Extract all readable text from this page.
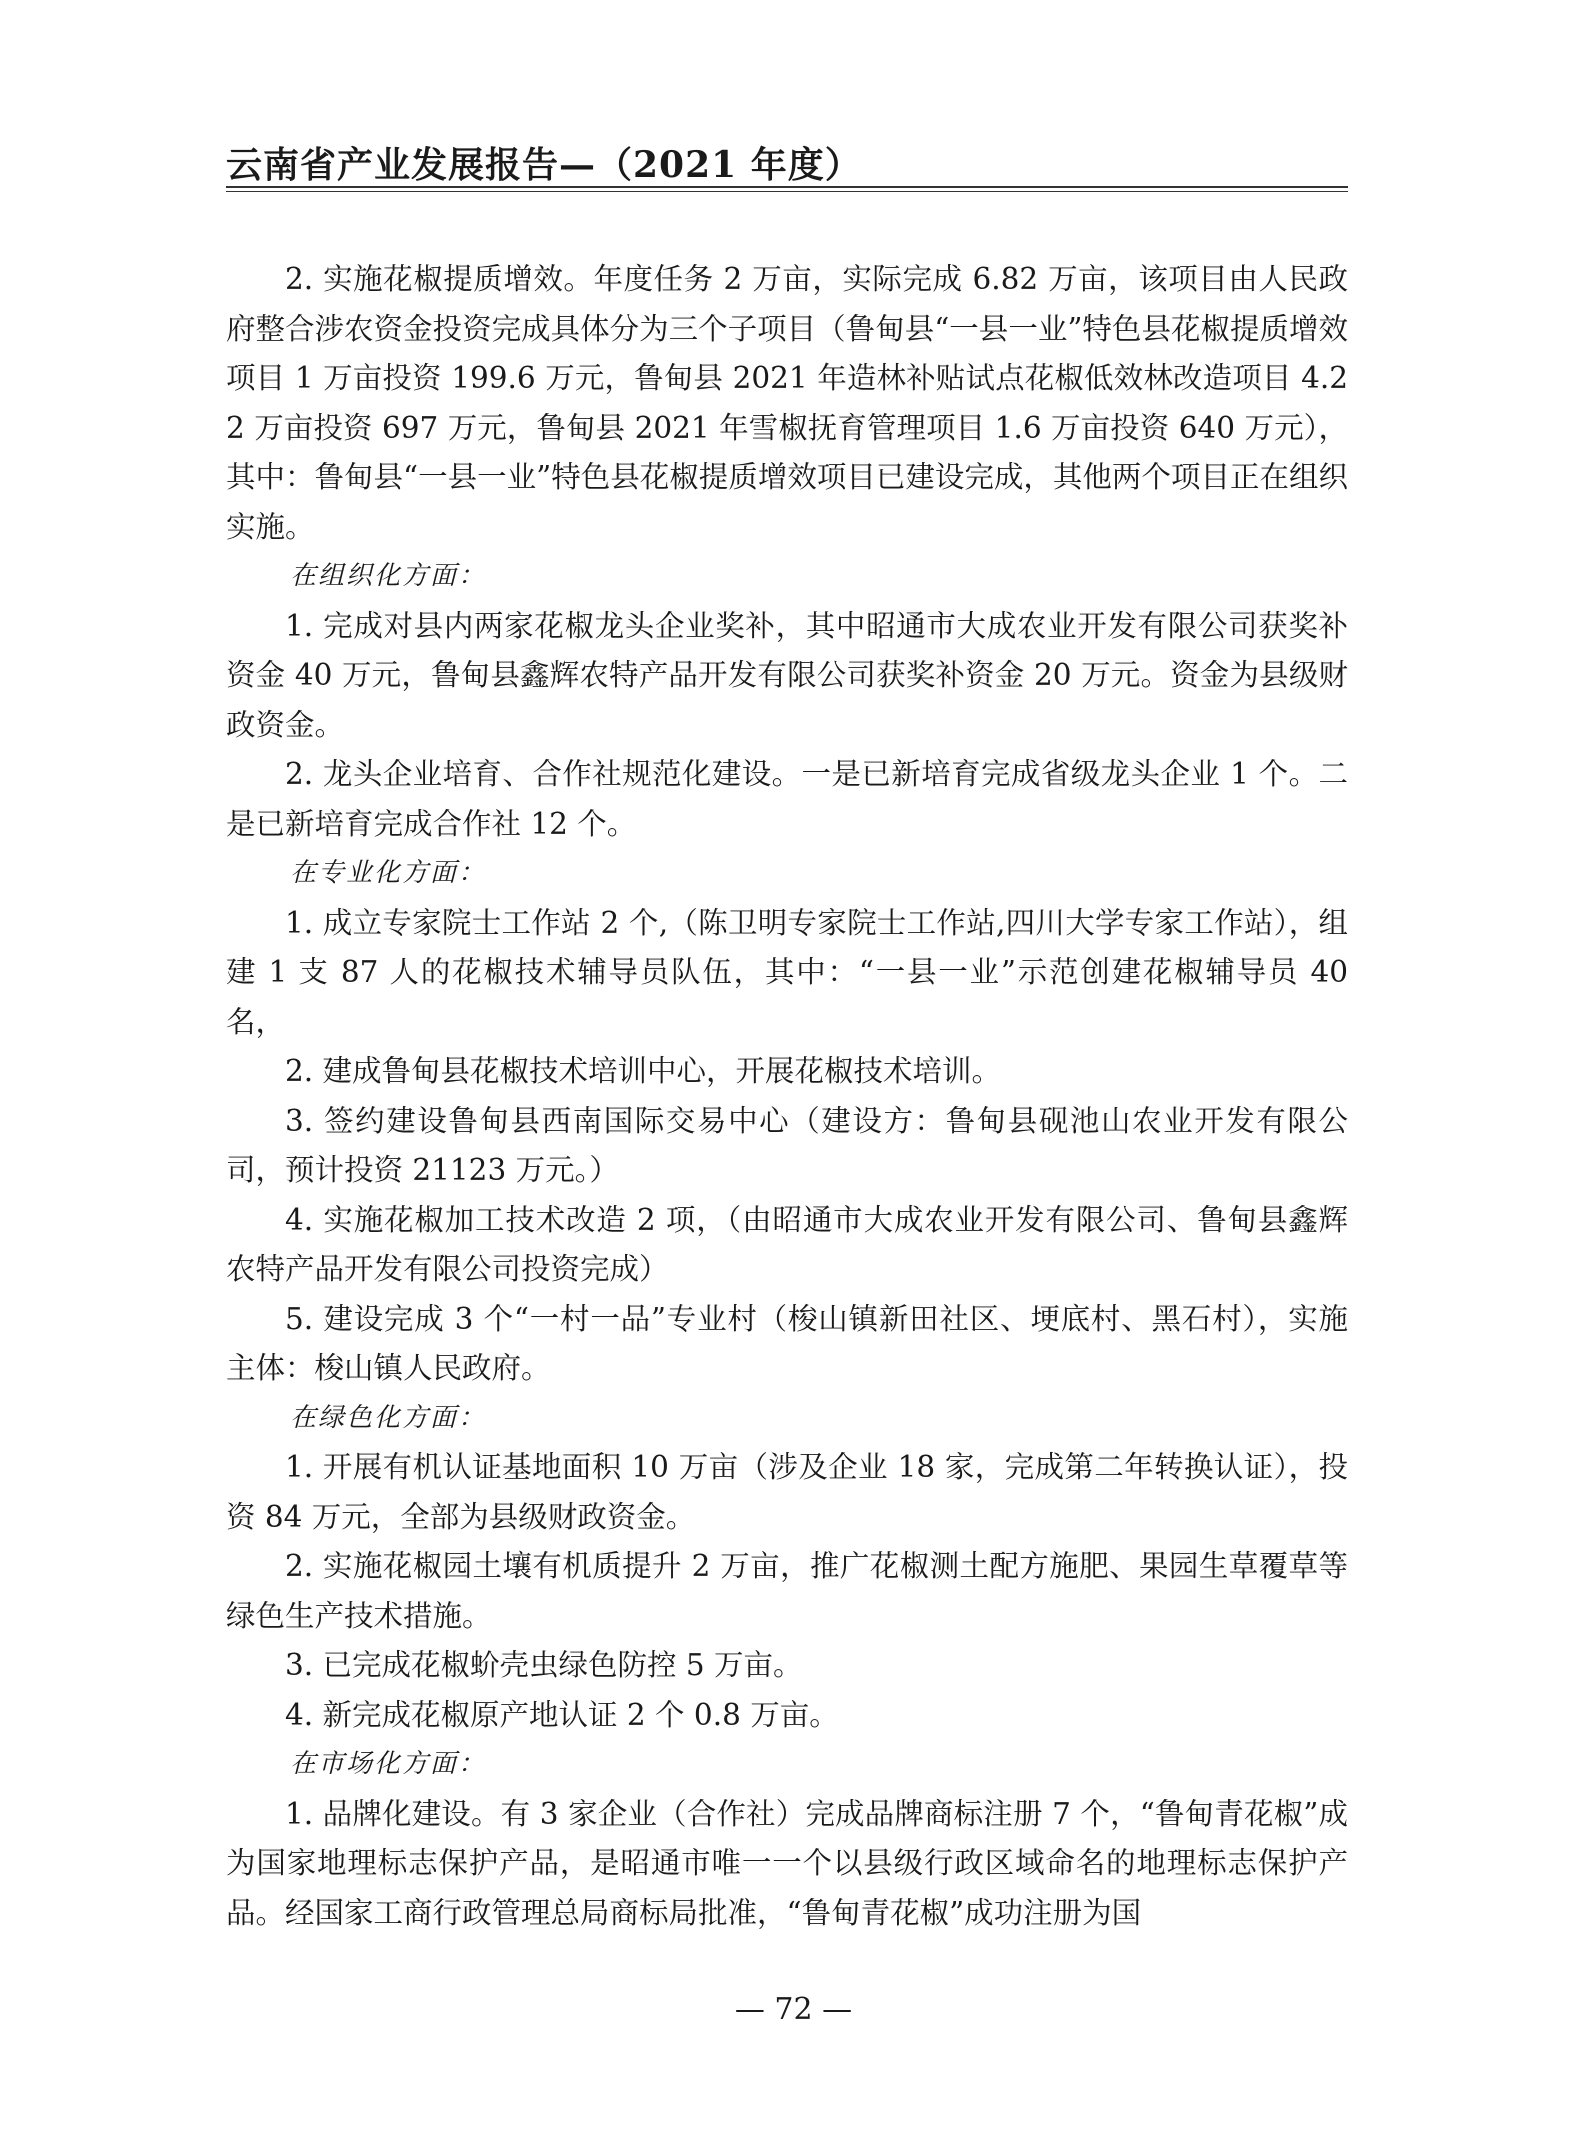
云南省产业发展报告—（2021 年度）

2. 实施花椒提质增效。年度任务 2 万亩，实际完成 6.82 万亩，该项目由人民政府整合涉农资金投资完成具体分为三个子项目（鲁甸县“一县一业”特色县花椒提质增效项目 1 万亩投资 199.6 万元，鲁甸县 2021 年造林补贴试点花椒低效林改造项目 4.22 万亩投资 697 万元，鲁甸县 2021 年雪椒抚育管理项目 1.6 万亩投资 640 万元），其中：鲁甸县“一县一业”特色县花椒提质增效项目已建设完成，其他两个项目正在组织实施。

在组织化方面：

1. 完成对县内两家花椒龙头企业奖补，其中昭通市大成农业开发有限公司获奖补资金 40 万元，鲁甸县鑫辉农特产品开发有限公司获奖补资金 20 万元。资金为县级财政资金。

2. 龙头企业培育、合作社规范化建设。一是已新培育完成省级龙头企业 1 个。二是已新培育完成合作社 12 个。

在专业化方面：

1. 成立专家院士工作站 2 个,（陈卫明专家院士工作站,四川大学专家工作站），组建 1 支 87 人的花椒技术辅导员队伍，其中：“一县一业”示范创建花椒辅导员 40 名，

2. 建成鲁甸县花椒技术培训中心，开展花椒技术培训。

3. 签约建设鲁甸县西南国际交易中心（建设方：鲁甸县砚池山农业开发有限公司，预计投资 21123 万元。）

4. 实施花椒加工技术改造 2 项，（由昭通市大成农业开发有限公司、鲁甸县鑫辉农特产品开发有限公司投资完成）

5. 建设完成 3 个“一村一品”专业村（梭山镇新田社区、埂底村、黑石村），实施主体：梭山镇人民政府。

在绿色化方面：

1. 开展有机认证基地面积 10 万亩（涉及企业 18 家，完成第二年转换认证），投资 84 万元，全部为县级财政资金。

2. 实施花椒园土壤有机质提升 2 万亩，推广花椒测土配方施肥、果园生草覆草等绿色生产技术措施。

3. 已完成花椒蚧壳虫绿色防控 5 万亩。

4. 新完成花椒原产地认证 2 个 0.8 万亩。

在市场化方面：

1. 品牌化建设。有 3 家企业（合作社）完成品牌商标注册 7 个，“鲁甸青花椒”成为国家地理标志保护产品，是昭通市唯一一个以县级行政区域命名的地理标志保护产品。经国家工商行政管理总局商标局批准，“鲁甸青花椒”成功注册为国

— 72 —
